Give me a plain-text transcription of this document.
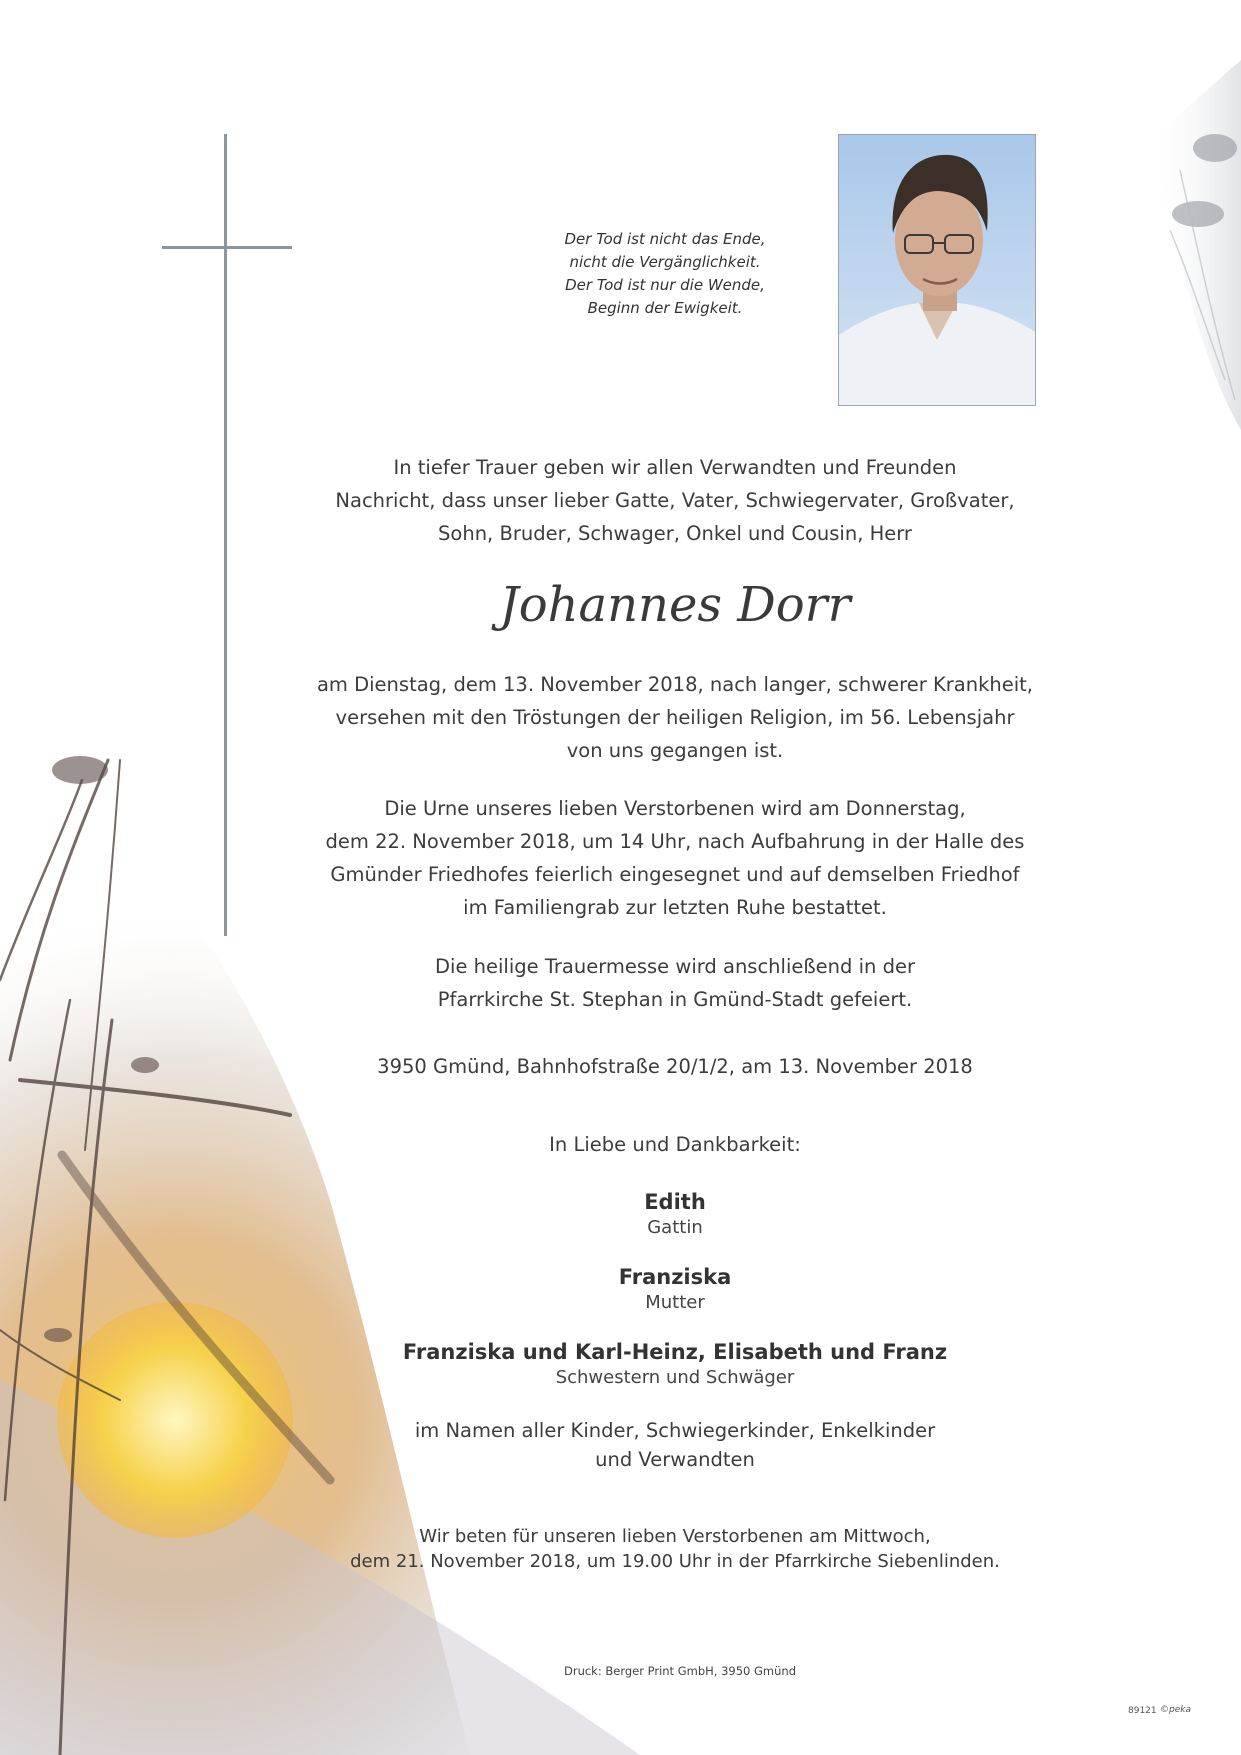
Der Tod ist nicht das Ende,
nicht die Vergänglichkeit.
Der Tod ist nur die Wende,
Beginn der Ewigkeit.
In tiefer Trauer geben wir allen Verwandten und Freunden
Nachricht, dass unser lieber Gatte, Vater, Schwiegervater, Großvater,
Sohn, Bruder, Schwager, Onkel und Cousin, Herr
Johannes Dorr
am Dienstag, dem 13. November 2018, nach langer, schwerer Krankheit,
versehen mit den Tröstungen der heiligen Religion, im 56. Lebensjahr
von uns gegangen ist.
Die Urne unseres lieben Verstorbenen wird am Donnerstag,
dem 22. November 2018, um 14 Uhr, nach Aufbahrung in der Halle des
Gmünder Friedhofes feierlich eingesegnet und auf demselben Friedhof
im Familiengrab zur letzten Ruhe bestattet.
Die heilige Trauermesse wird anschließend in der
Pfarrkirche St. Stephan in Gmünd-Stadt gefeiert.
3950 Gmünd, Bahnhofstraße 20/1/2, am 13. November 2018
In Liebe und Dankbarkeit:
Edith
Gattin
Franziska
Mutter
Franziska und Karl-Heinz, Elisabeth und Franz
Schwestern und Schwäger
im Namen aller Kinder, Schwiegerkinder, Enkelkinder
und Verwandten
Wir beten für unseren lieben Verstorbenen am Mittwoch,
dem 21. November 2018, um 19.00 Uhr in der Pfarrkirche Siebenlinden.
Druck: Berger Print GmbH, 3950 Gmünd
89121 ©peka
